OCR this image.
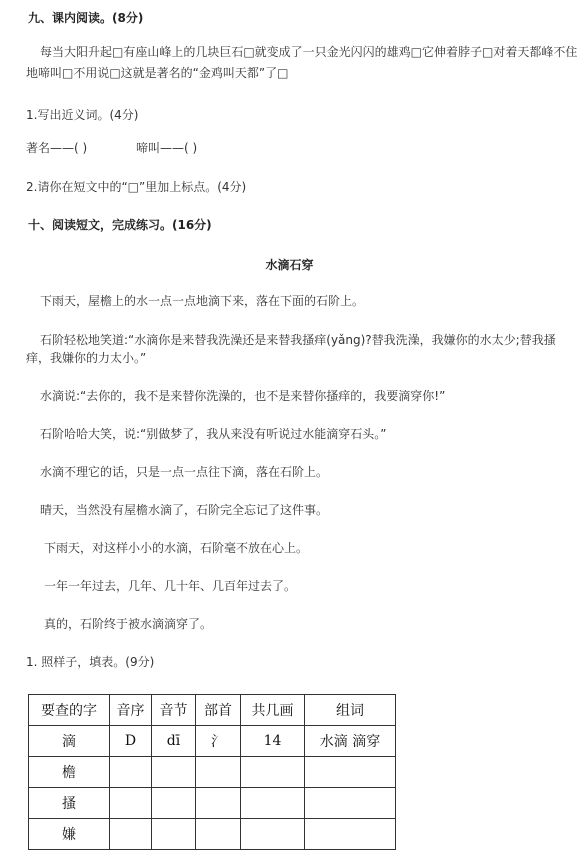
九、课内阅读。(8分)
每当大阳升起□有座山峰上的几块巨石□就变成了一只金光闪闪的雄鸡□它伸着脖子□对着天都峰不住
地啼叫□不用说□这就是著名的“金鸡叫天都”了□
1.写出近义词。(4分)
著名——( )	啼叫——( )
2.请你在短文中的“□”里加上标点。(4分)
十、阅读短文，完成练习。(16分)
水滴石穿
下雨天，屋檐上的水一点一点地滴下来，落在下面的石阶上。
石阶轻松地笑道:“水滴你是来替我洗澡还是来替我搔痒(yǎng)?替我洗澡，我嫌你的水太少;替我搔
痒，我嫌你的力太小。”
水滴说:“去你的，我不是来替你洗澡的，也不是来替你搔痒的，我要滴穿你!”
石阶哈哈大笑，说:“别做梦了，我从来没有听说过水能滴穿石头。”
水滴不理它的话，只是一点一点往下滴，落在石阶上。
晴天，当然没有屋檐水滴了，石阶完全忘记了这件事。
下雨天，对这样小小的水滴，石阶毫不放在心上。
一年一年过去，几年、几十年、几百年过去了。
真的，石阶终于被水滴滴穿了。
1. 照样子，填表。(9分)
要查的字	音序	音节	部首	共几画	组词
滴	D	dī	氵	14	水滴 滴穿
檐					
搔					
嫌					
